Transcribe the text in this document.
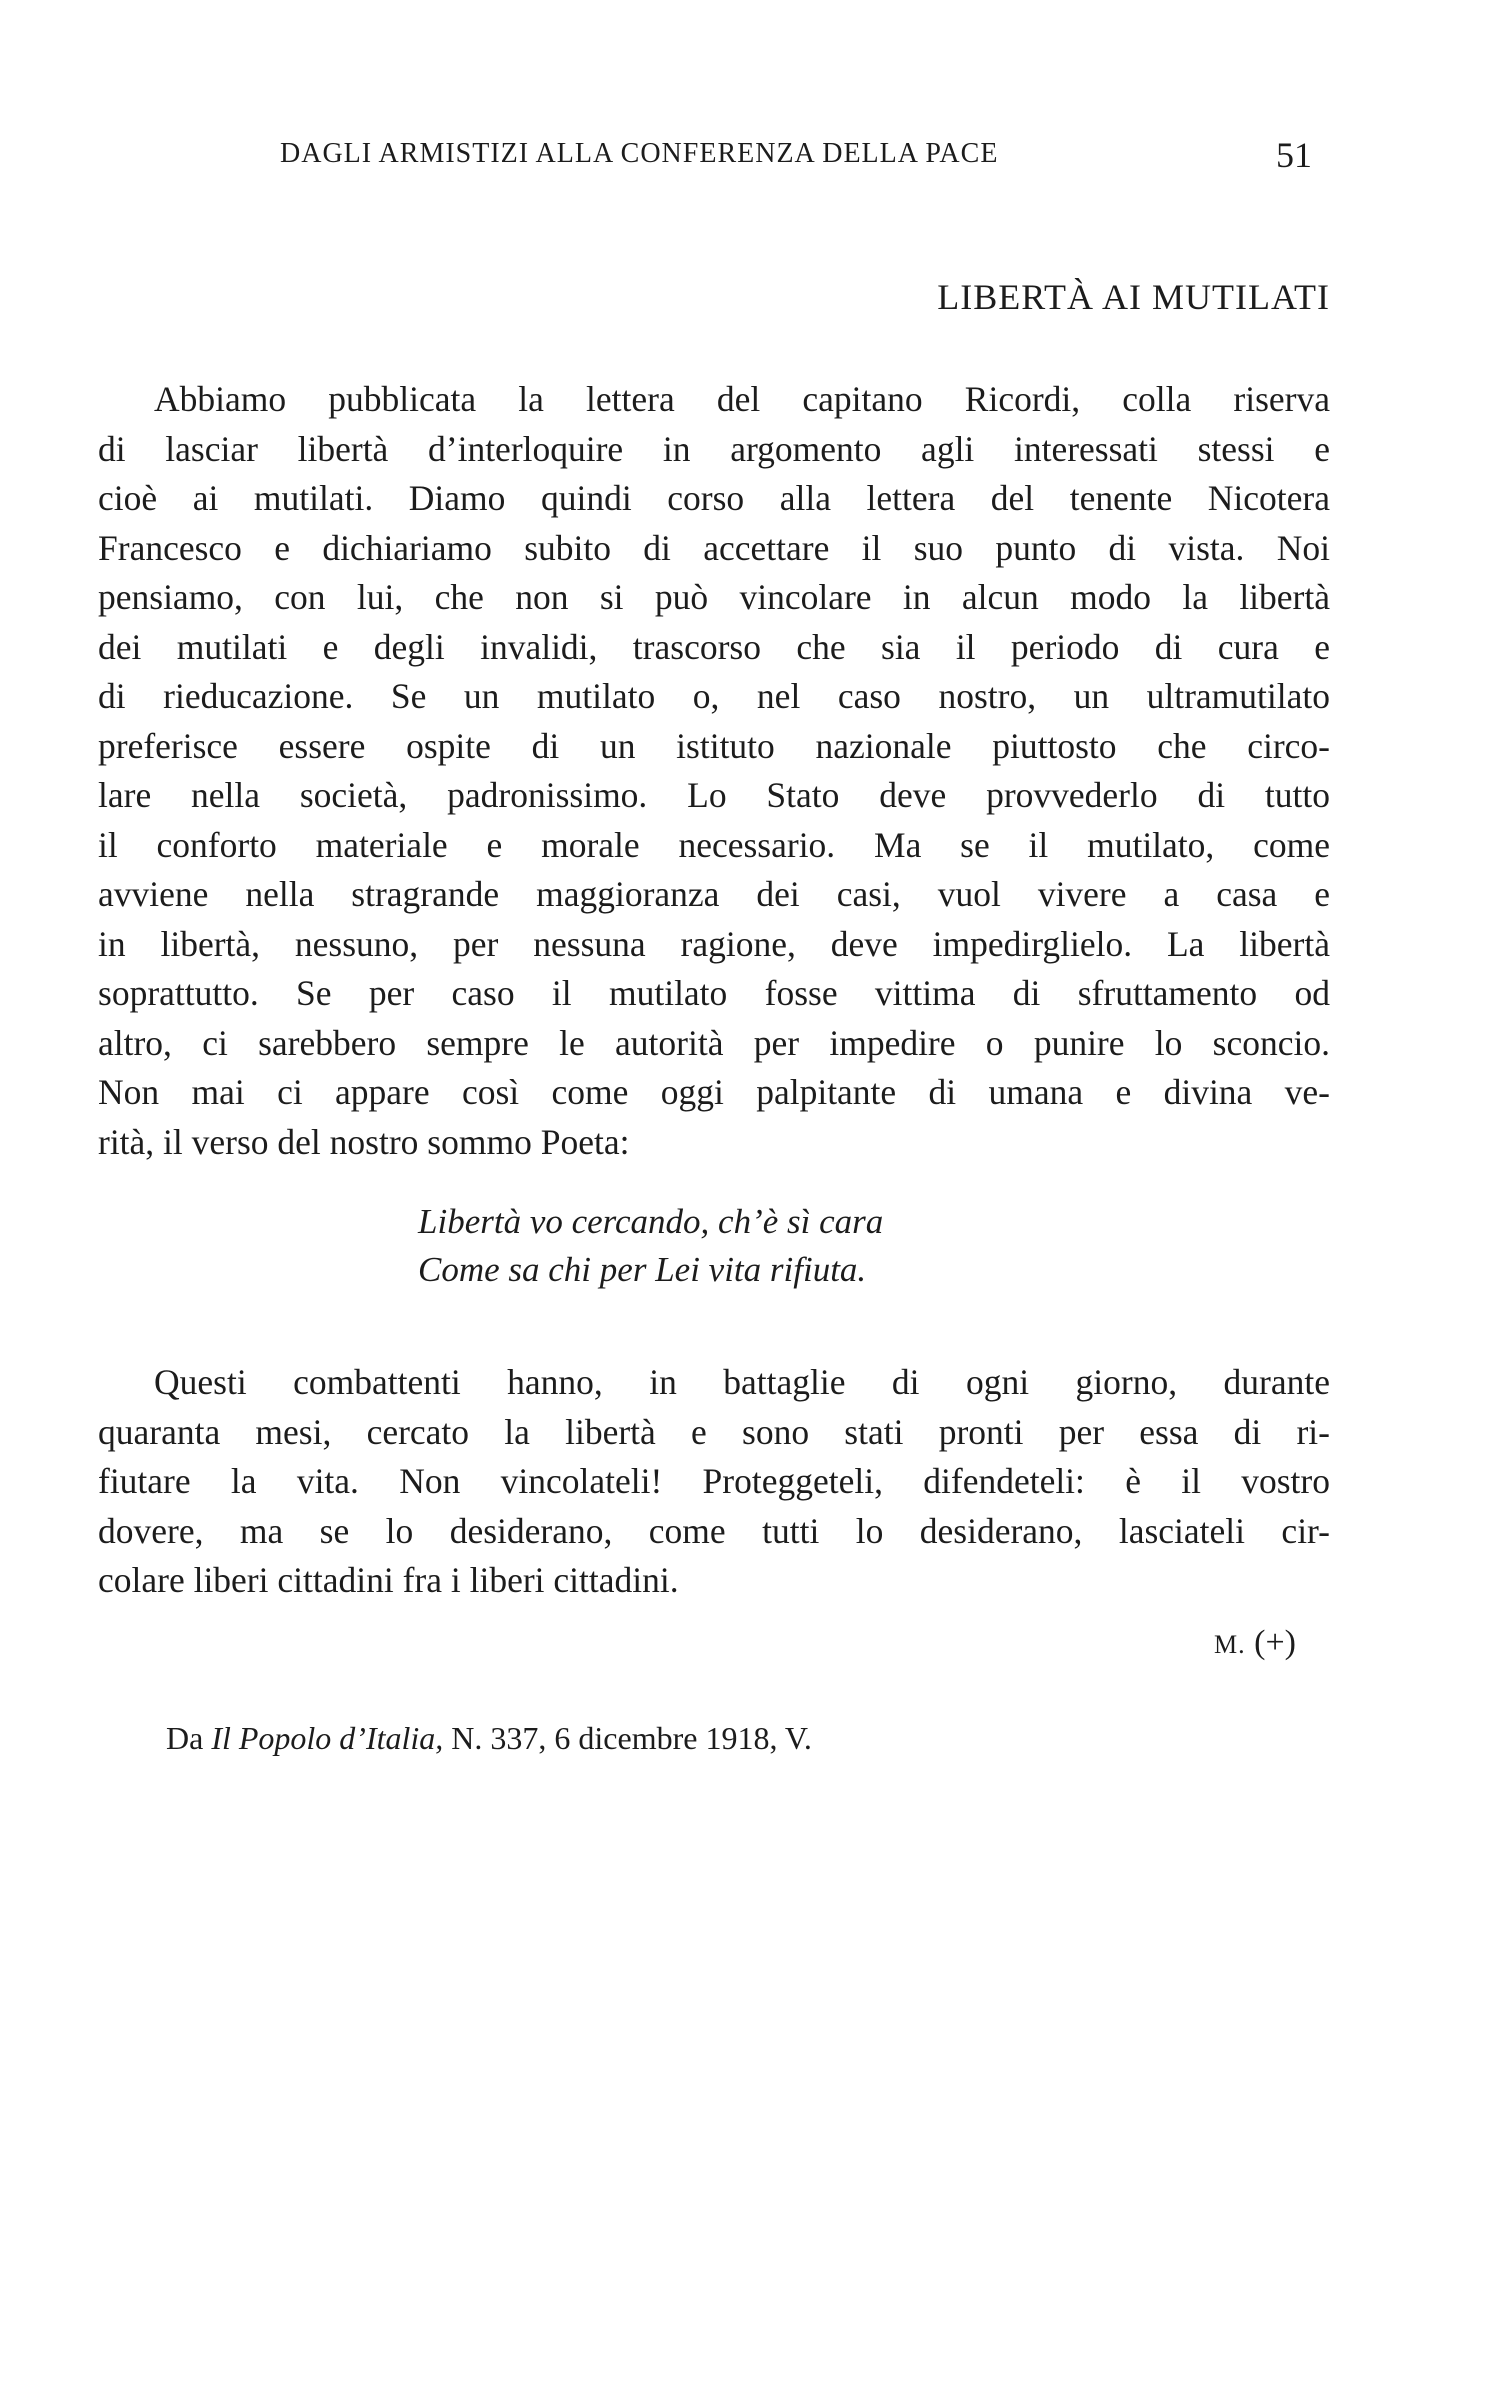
DAGLI ARMISTIZI ALLA CONFERENZA DELLA PACE	51
LIBERTÀ AI MUTILATI
Abbiamo pubblicata la lettera del capitano Ricordi, colla riserva
di lasciar libertà d’interloquire in argomento agli interessati stessi e
cioè ai mutilati. Diamo quindi corso alla lettera del tenente Nicotera
Francesco e dichiariamo subito di accettare il suo punto di vista. Noi
pensiamo, con lui, che non si può vincolare in alcun modo la libertà
dei mutilati e degli invalidi, trascorso che sia il periodo di cura e
di rieducazione. Se un mutilato o, nel caso nostro, un ultramutilato
preferisce essere ospite di un istituto nazionale piuttosto che circo-
lare nella società, padronissimo. Lo Stato deve provvederlo di tutto
il conforto materiale e morale necessario. Ma se il mutilato, come
avviene nella stragrande maggioranza dei casi, vuol vivere a casa e
in libertà, nessuno, per nessuna ragione, deve impedirglielo. La libertà
soprattutto. Se per caso il mutilato fosse vittima di sfruttamento od
altro, ci sarebbero sempre le autorità per impedire o punire lo sconcio.
Non mai ci appare così come oggi palpitante di umana e divina ve-
rità, il verso del nostro sommo Poeta:
Libertà vo cercando, ch’è sì cara
Come sa chi per Lei vita rifiuta.
Questi combattenti hanno, in battaglie di ogni giorno, durante
quaranta mesi, cercato la libertà e sono stati pronti per essa di ri-
fiutare la vita. Non vincolateli! Proteggeteli, difendeteli: è il vostro
dovere, ma se lo desiderano, come tutti lo desiderano, lasciateli cir-
colare liberi cittadini fra i liberi cittadini.
M. (+)
Da Il Popolo d’Italia, N. 337, 6 dicembre 1918, V.
